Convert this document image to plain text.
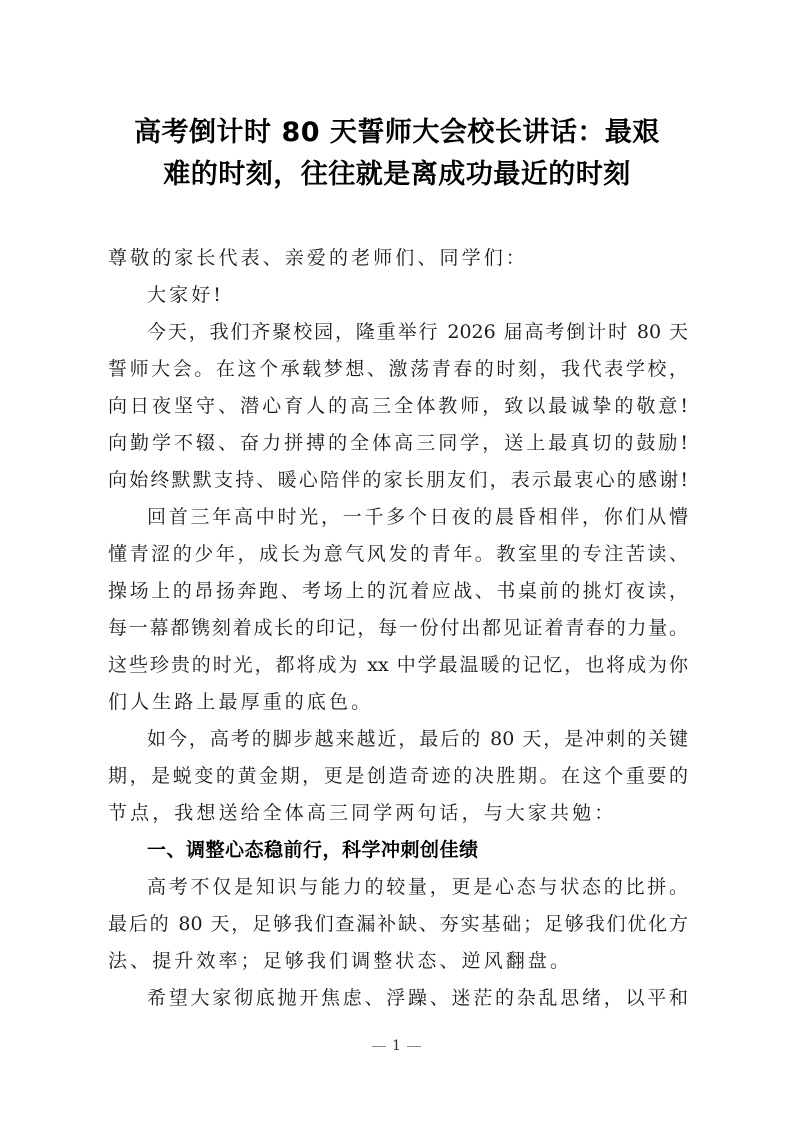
高考倒计时 80 天誓师大会校长讲话：最艰
难的时刻，往往就是离成功最近的时刻
尊敬的家长代表、亲爱的老师们、同学们：
大家好!
今天，我们齐聚校园，隆重举行 2026 届高考倒计时 80 天
誓师大会。在这个承载梦想、激荡青春的时刻，我代表学校，
向日夜坚守、潜心育人的高三全体教师，致以最诚挚的敬意!
向勤学不辍、奋力拼搏的全体高三同学，送上最真切的鼓励!
向始终默默支持、暖心陪伴的家长朋友们，表示最衷心的感谢!
回首三年高中时光，一千多个日夜的晨昏相伴，你们从懵
懂青涩的少年，成长为意气风发的青年。教室里的专注苦读、
操场上的昂扬奔跑、考场上的沉着应战、书桌前的挑灯夜读，
每一幕都镌刻着成长的印记，每一份付出都见证着青春的力量。
这些珍贵的时光，都将成为 xx 中学最温暖的记忆，也将成为你
们人生路上最厚重的底色。
如今，高考的脚步越来越近，最后的 80 天，是冲刺的关键
期，是蜕变的黄金期，更是创造奇迹的决胜期。在这个重要的
节点，我想送给全体高三同学两句话，与大家共勉：
一、调整心态稳前行，科学冲刺创佳绩
高考不仅是知识与能力的较量，更是心态与状态的比拼。
最后的 80 天，足够我们查漏补缺、夯实基础；足够我们优化方
法、提升效率；足够我们调整状态、逆风翻盘。
希望大家彻底抛开焦虑、浮躁、迷茫的杂乱思绪，以平和
1
